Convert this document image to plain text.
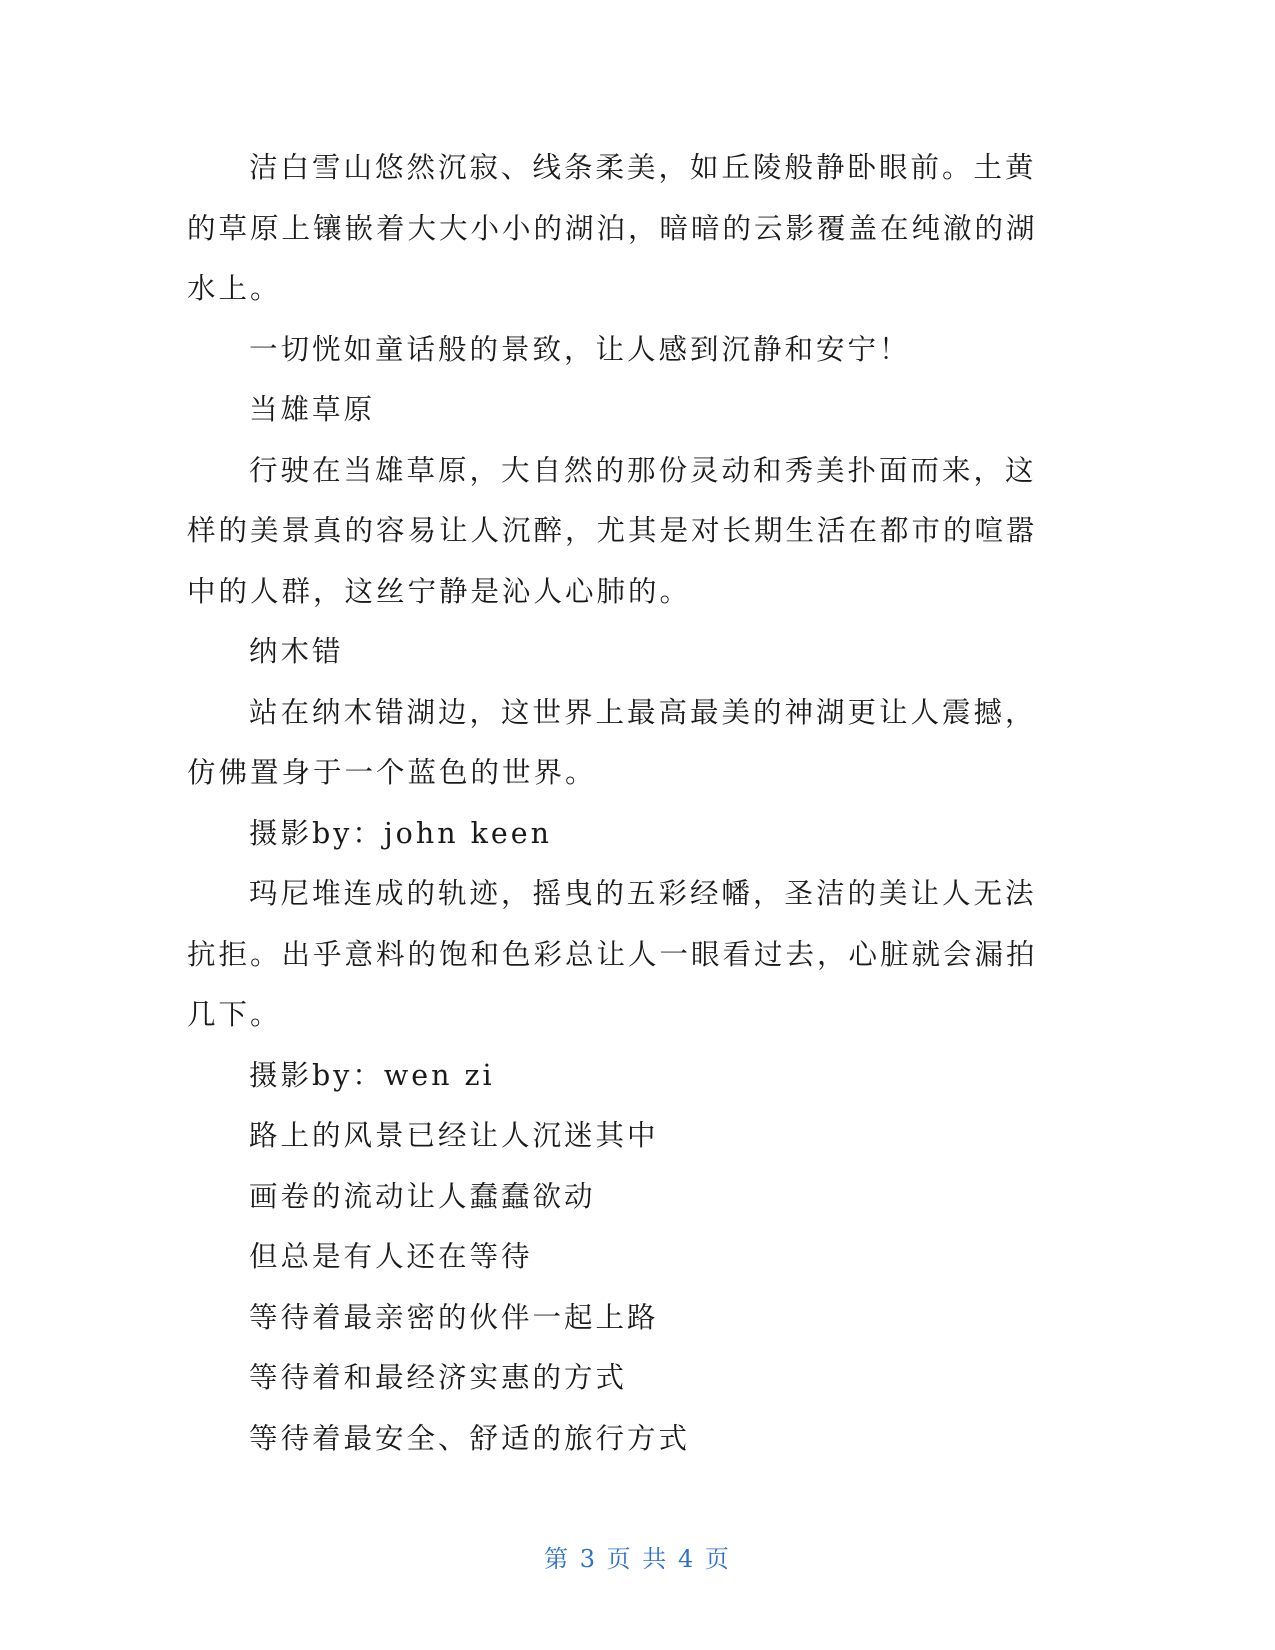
洁白雪山悠然沉寂、线条柔美，如丘陵般静卧眼前。土黄的草原上镶嵌着大大小小的湖泊，暗暗的云影覆盖在纯澈的湖水上。

一切恍如童话般的景致，让人感到沉静和安宁！

当雄草原

行驶在当雄草原，大自然的那份灵动和秀美扑面而来，这样的美景真的容易让人沉醉，尤其是对长期生活在都市的喧嚣中的人群，这丝宁静是沁人心肺的。

纳木错

站在纳木错湖边，这世界上最高最美的神湖更让人震撼，仿佛置身于一个蓝色的世界。

摄影by：john keen

玛尼堆连成的轨迹，摇曳的五彩经幡，圣洁的美让人无法抗拒。出乎意料的饱和色彩总让人一眼看过去，心脏就会漏拍几下。

摄影by：wen zi

路上的风景已经让人沉迷其中

画卷的流动让人蠢蠢欲动

但总是有人还在等待

等待着最亲密的伙伴一起上路

等待着和最经济实惠的方式

等待着最安全、舒适的旅行方式

第 3 页 共 4 页
